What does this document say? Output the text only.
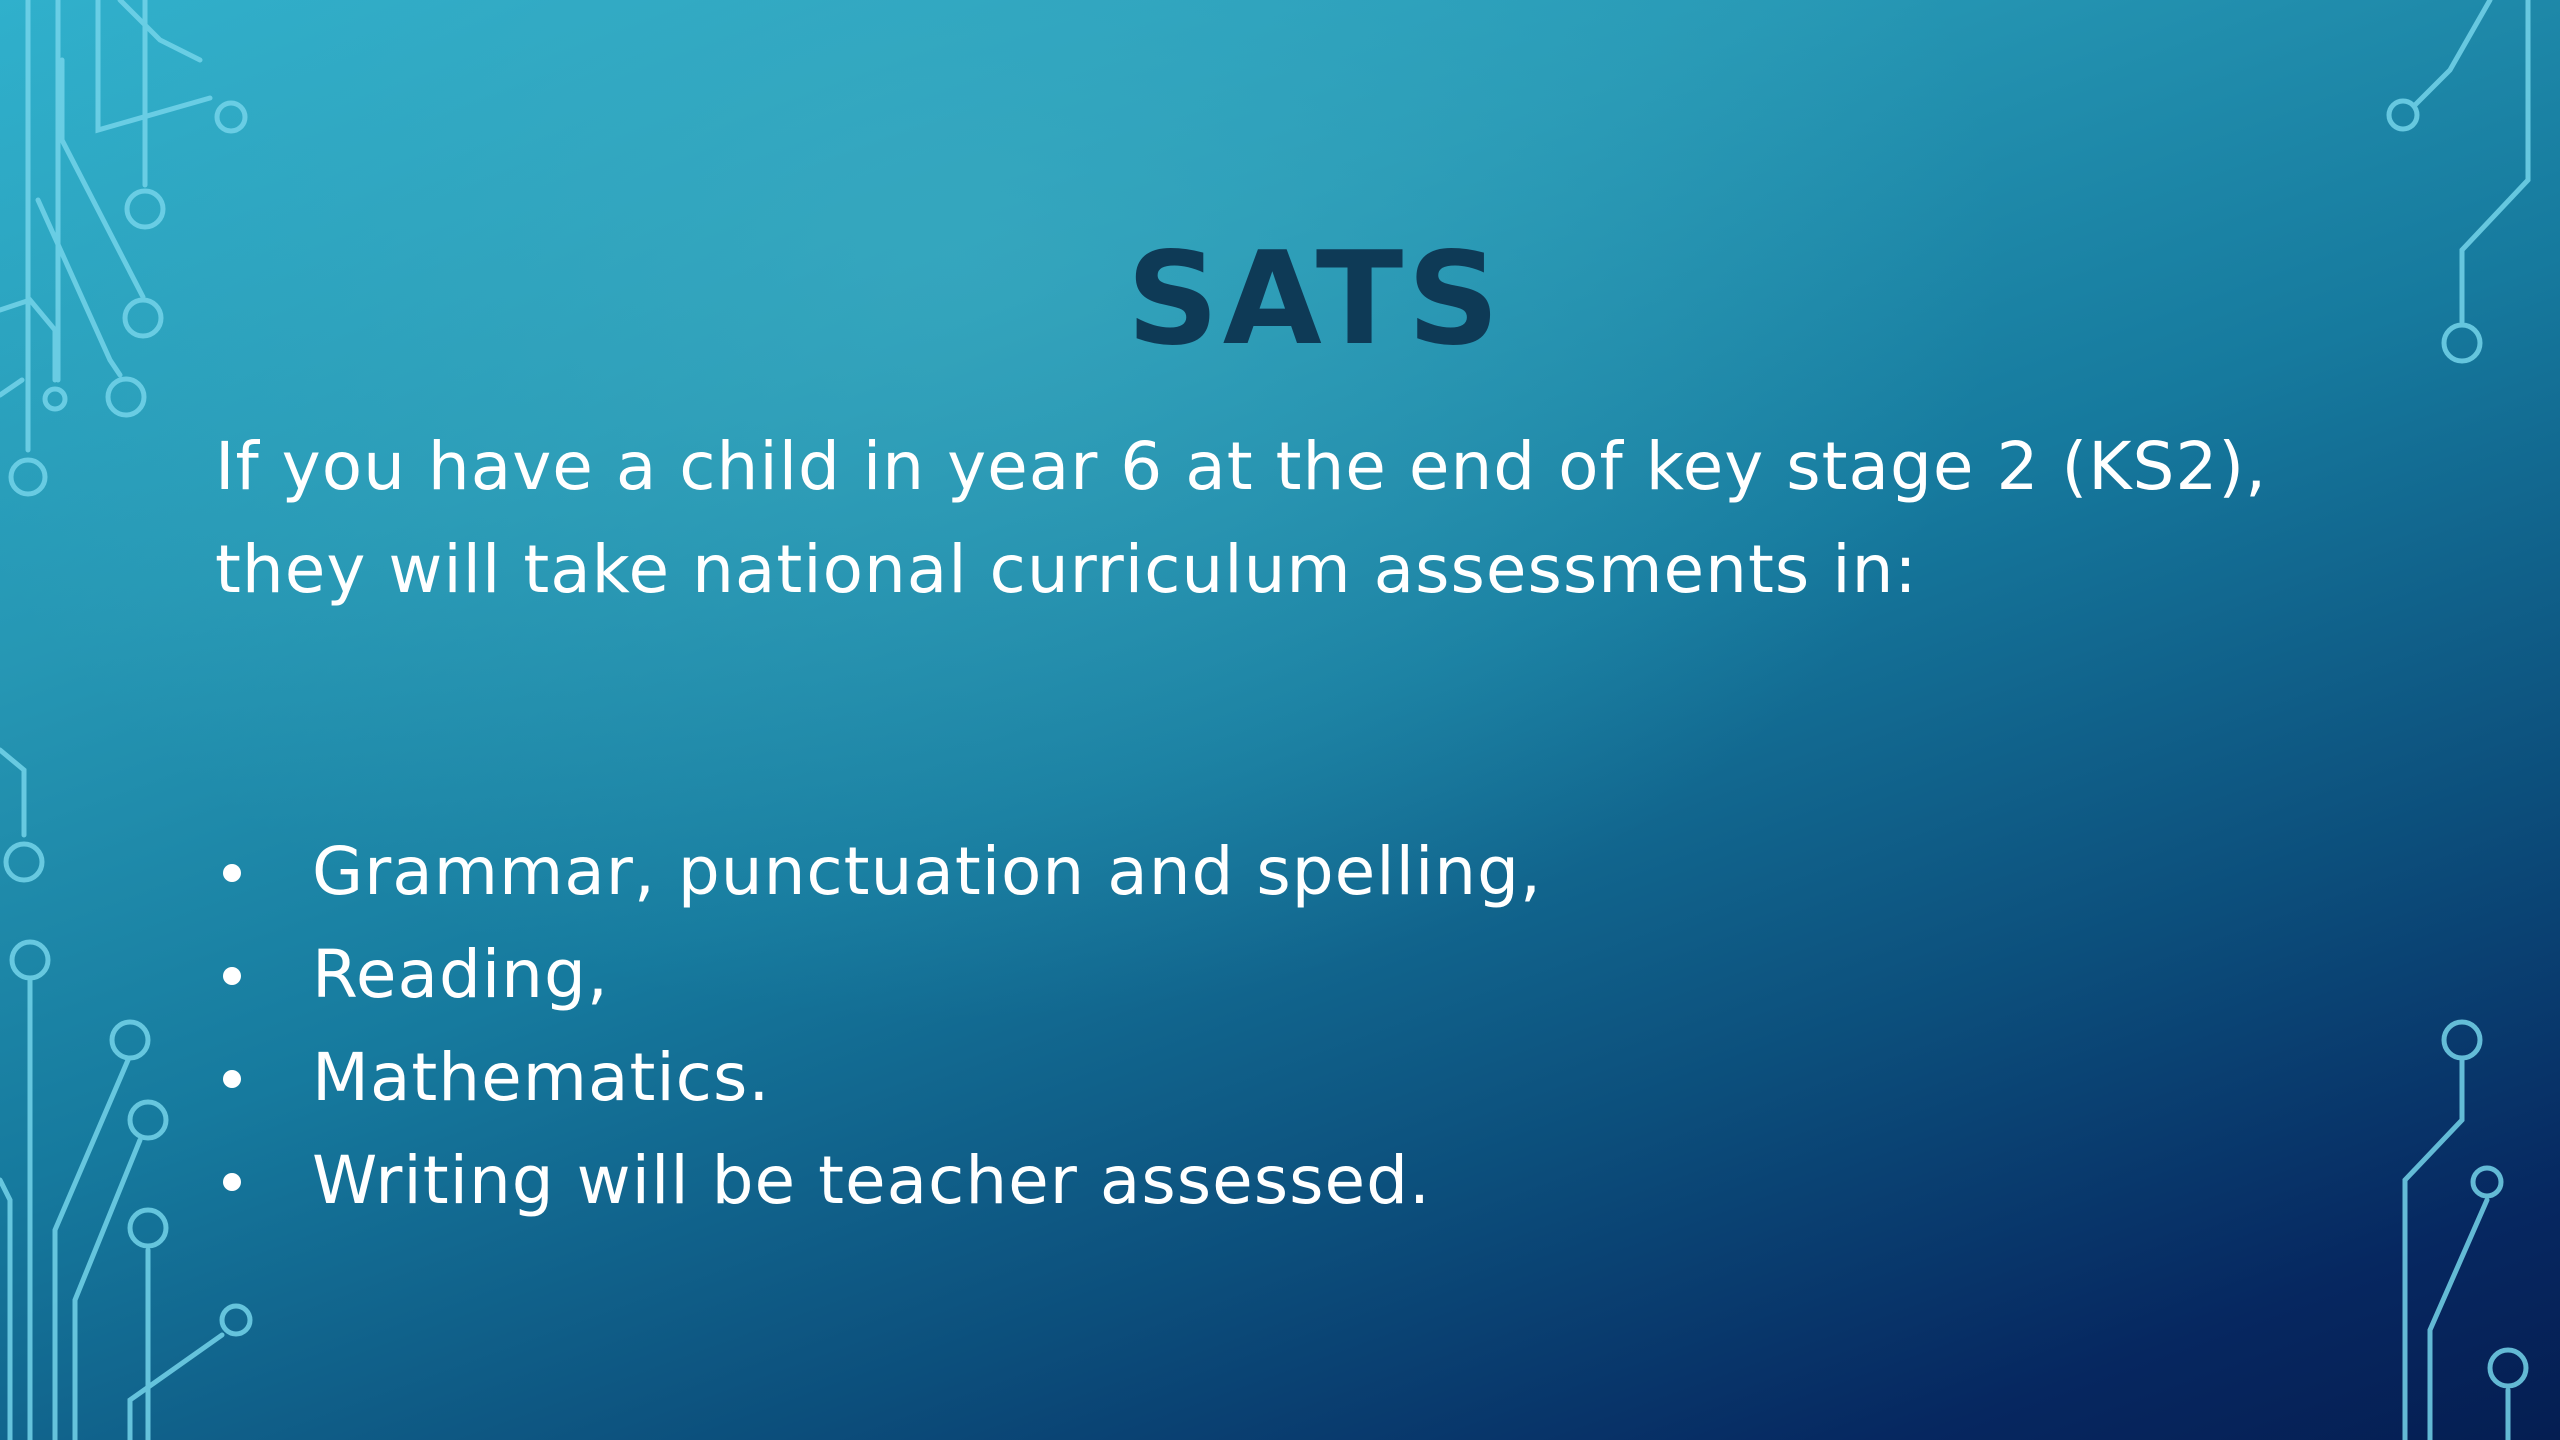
SATS

If you have a child in year 6 at the end of key stage 2 (KS2),
they will take national curriculum assessments in:

Grammar, punctuation and spelling,
Reading,
Mathematics.
Writing will be teacher assessed.
